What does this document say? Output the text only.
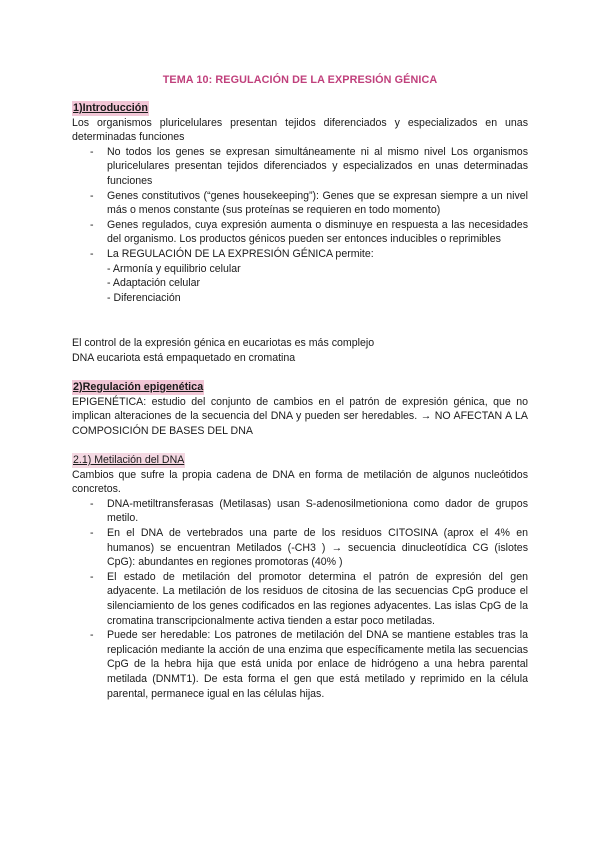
TEMA 10: REGULACIÓN DE LA EXPRESIÓN GÉNICA
1)Introducción

Los organismos pluricelulares presentan tejidos diferenciados y especializados en unas determinadas funciones

- No todos los genes se expresan simultáneamente ni al mismo nivel Los organismos pluricelulares presentan tejidos diferenciados y especializados en unas determinadas funciones
- Genes constitutivos (“genes housekeeping”): Genes que se expresan siempre a un nivel más o menos constante (sus proteínas se requieren en todo momento)
- Genes regulados, cuya expresión aumenta o disminuye en respuesta a las necesidades del organismo. Los productos génicos pueden ser entonces inducibles o reprimibles
- La REGULACIÓN DE LA EXPRESIÓN GÉNICA permite:
- Armonía y equilibrio celular
- Adaptación celular
- Diferenciación

El control de la expresión génica en eucariotas es más complejo

DNA eucariota está empaquetado en cromatina

2)Regulación epigenética

EPIGENÉTICA: estudio del conjunto de cambios en el patrón de expresión génica, que no implican alteraciones de la secuencia del DNA y pueden ser heredables. → NO AFECTAN A LA COMPOSICIÓN DE BASES DEL DNA

2.1) Metilación del DNA

Cambios que sufre la propia cadena de DNA en forma de metilación de algunos nucleótidos concretos.

- DNA-metiltransferasas (Metilasas) usan S-adenosilmetioniona como dador de grupos metilo.
- En el DNA de vertebrados una parte de los residuos CITOSINA (aprox el 4% en humanos) se encuentran Metilados (-CH3 ) → secuencia dinucleotídica CG (islotes CpG): abundantes en regiones promotoras (40% )
- El estado de metilación del promotor determina el patrón de expresión del gen adyacente. La metilación de los residuos de citosina de las secuencias CpG produce el silenciamiento de los genes codificados en las regiones adyacentes. Las islas CpG de la cromatina transcripcionalmente activa tienden a estar poco metiladas.
- Puede ser heredable: Los patrones de metilación del DNA se mantiene estables tras la replicación mediante la acción de una enzima que específicamente metila las secuencias CpG de la hebra hija que está unida por enlace de hidrógeno a una hebra parental metilada (DNMT1). De esta forma el gen que está metilado y reprimido en la célula parental, permanece igual en las células hijas.
